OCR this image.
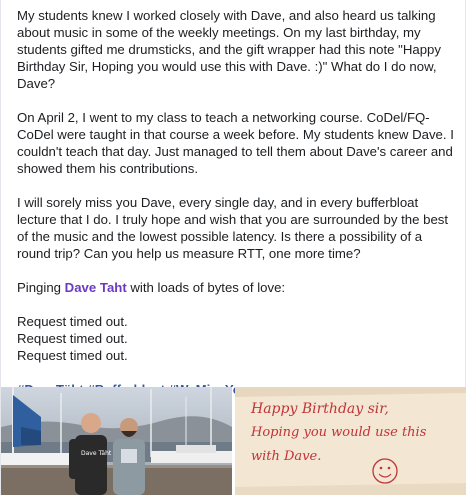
My students knew I worked closely with Dave, and also heard us talking about music in some of the weekly meetings. On my last birthday, my students gifted me drumsticks, and the gift wrapper had this note "Happy Birthday Sir, Hoping you would use this with Dave. :)" What do I do now, Dave?

On April 2, I went to my class to teach a networking course. CoDel/FQ-CoDel were taught in that course a week before. My students knew Dave. I couldn't teach that day. Just managed to tell them about Dave's career and showed them his contributions.

I will sorely miss you Dave, every single day, and in every bufferbloat lecture that I do. I truly hope and wish that you are surrounded by the best of the music and the lowest possible latency. Is there a possibility of a round trip? Can you help us measure RTT, one more time?

Pinging Dave Taht with loads of bytes of love:

Request timed out.

Request timed out.

Request timed out.

Dave Täht
Happy Birthday sir,
Hoping you would use this
with Dave.
